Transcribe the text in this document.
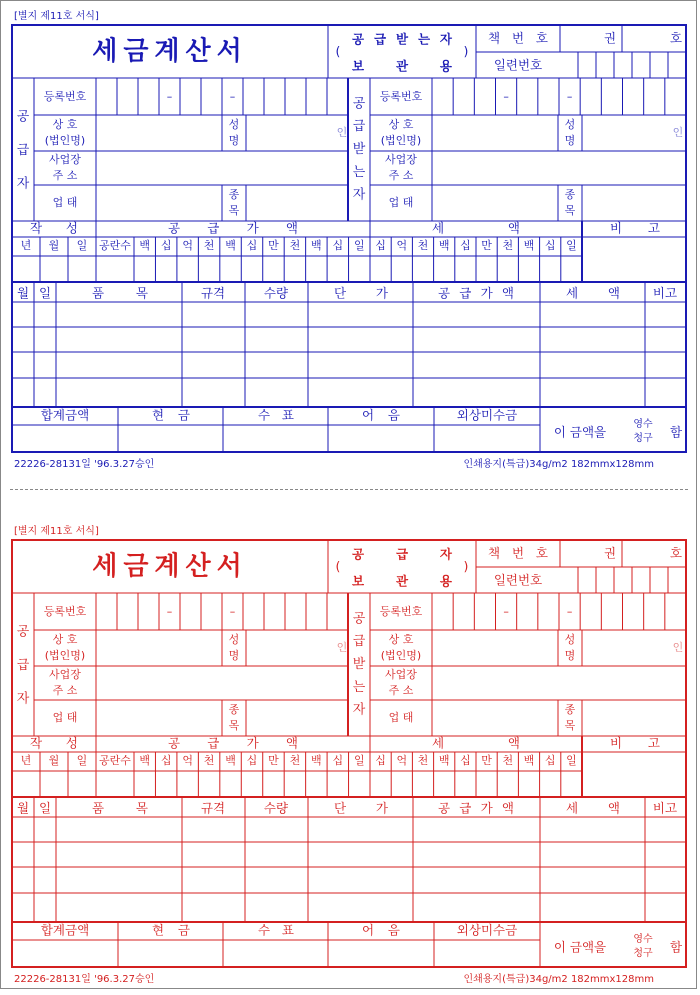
[별지 제11호 서식]
세금계산서	(	)
공급받는자
보관용
책번호	권	호
일련번호
공 급 자
공 급 받 는 자
등록번호	–	–
상 호
(법인명)
성
명
인
사업장
주 소
업 태
종
목
등록번호	–	–
상 호
(법인명)
성
명
인
사업장
주 소
업 태
종
목
작 성	공 급 가 액	세 액	비 고
년 월 일 공란수 백 십 억 천 백 십 만 천 백 십 일 십 억 천 백 십 만 천 백 십 일
월 일	품 목	규격	수량	단 가	공급가액	세 액	비고
합계금액	현 금	수 표	어 음	외상미수금
이 금액을	영수
청구 함
22226-28131일 '96.3.27승인	인쇄용지(특급)34g/m2 182mmx128mm
[별지 제11호 서식]
세금계산서	(	)
공급자
보관용
책번호	권	호
일련번호
공 급 자
공 급 받 는 자
등록번호	–	–
상 호
(법인명)
성
명
인
사업장
주 소
업 태
종
목
등록번호	–	–
상 호
(법인명)
성
명
인
사업장
주 소
업 태
종
목
작 성	공 급 가 액	세 액	비 고
년 월 일 공란수 백 십 억 천 백 십 만 천 백 십 일 십 억 천 백 십 만 천 백 십 일
월 일	품 목	규격	수량	단 가	공급가액	세 액	비고
합계금액	현 금	수 표	어 음	외상미수금
이 금액을	영수
청구 함
22226-28131일 '96.3.27승인	인쇄용지(특급)34g/m2 182mmx128mm
